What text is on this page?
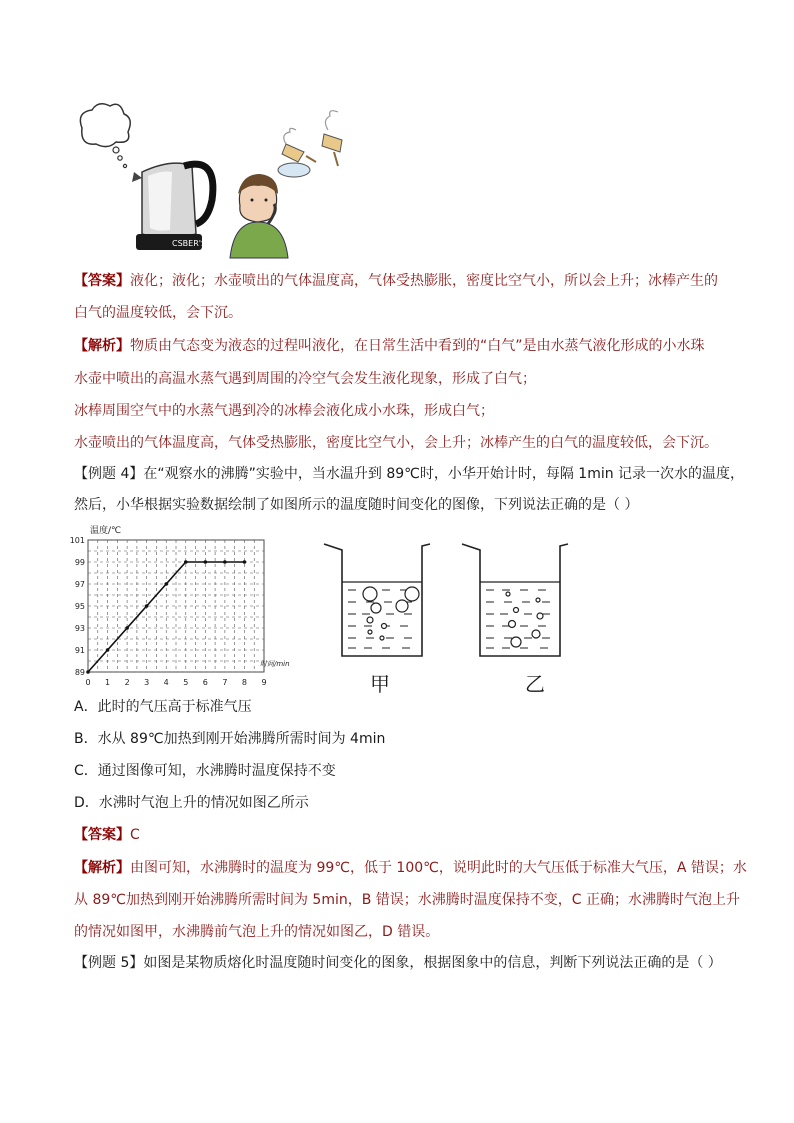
CSBER'S
【答案】液化；液化；水壶喷出的气体温度高，气体受热膨胀，密度比空气小，所以会上升；冰棒产生的
白气的温度较低，会下沉。
【解析】物质由气态变为液态的过程叫液化，在日常生活中看到的“白气”是由水蒸气液化形成的小水珠
水壶中喷出的高温水蒸气遇到周围的冷空气会发生液化现象，形成了白气；
冰棒周围空气中的水蒸气遇到冷的冰棒会液化成小水珠，形成白气；
水壶喷出的气体温度高，气体受热膨胀，密度比空气小，会上升；冰棒产生的白气的温度较低，会下沉。
【例题 4】在“观察水的沸腾”实验中，当水温升到 89℃时，小华开始计时，每隔 1min 记录一次水的温度，
然后，小华根据实验数据绘制了如图所示的温度随时间变化的图像，下列说法正确的是（ ）
0 1 2 3 4 5 6 7 8 9
89
91
93
95
97
99
101
温度/℃
时间/min
甲	乙
A．此时的气压高于标准气压
B．水从 89℃加热到刚开始沸腾所需时间为 4min
C．通过图像可知，水沸腾时温度保持不变
D．水沸时气泡上升的情况如图乙所示
【答案】C
【解析】由图可知，水沸腾时的温度为 99℃，低于 100℃，说明此时的大气压低于标准大气压，A 错误；水
从 89℃加热到刚开始沸腾所需时间为 5min，B 错误；水沸腾时温度保持不变，C 正确；水沸腾时气泡上升
的情况如图甲，水沸腾前气泡上升的情况如图乙，D 错误。
【例题 5】如图是某物质熔化时温度随时间变化的图象，根据图象中的信息，判断下列说法正确的是（ ）
